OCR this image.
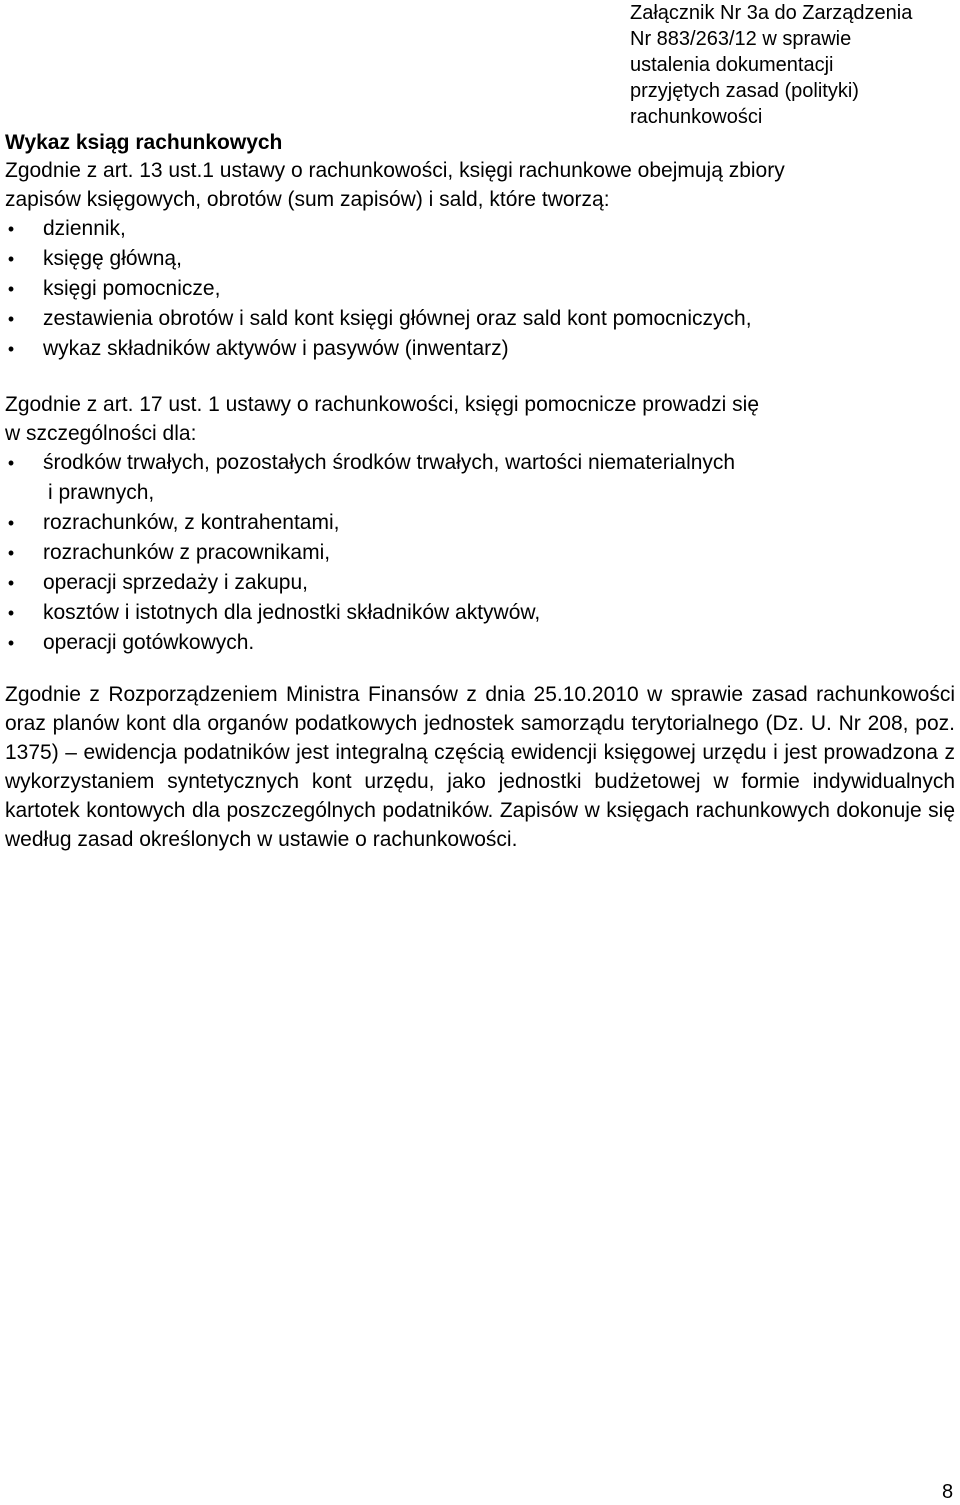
Załącznik Nr 3a do Zarządzenia
Nr 883/263/12 w sprawie
ustalenia dokumentacji
przyjętych zasad (polityki)
rachunkowości
Wykaz ksiąg rachunkowych

Zgodnie z art. 13 ust.1 ustawy o rachunkowości, księgi rachunkowe obejmują zbiory

zapisów księgowych, obrotów (sum zapisów) i sald, które tworzą:

• dziennik,
• księgę główną,
• księgi pomocnicze,
• zestawienia obrotów i sald kont księgi głównej oraz sald kont pomocniczych,
• wykaz składników aktywów i pasywów (inwentarz)

Zgodnie z art. 17 ust. 1 ustawy o rachunkowości, księgi pomocnicze prowadzi się

w szczególności dla:

• środków trwałych, pozostałych środków trwałych, wartości niematerialnych
i prawnych,
• rozrachunków, z kontrahentami,
• rozrachunków z pracownikami,
• operacji sprzedaży i zakupu,
• kosztów i istotnych dla jednostki składników aktywów,
• operacji gotówkowych.

Zgodnie z Rozporządzeniem Ministra Finansów z dnia 25.10.2010 w sprawie zasad rachunkowości oraz planów kont dla organów podatkowych jednostek samorządu terytorialnego (Dz. U. Nr 208, poz. 1375) – ewidencja podatników jest integralną częścią ewidencji księgowej urzędu i jest prowadzona z wykorzystaniem syntetycznych kont urzędu, jako jednostki budżetowej w formie indywidualnych kartotek kontowych dla poszczególnych podatników. Zapisów w księgach rachunkowych dokonuje się według zasad określonych w ustawie o rachunkowości.

8
